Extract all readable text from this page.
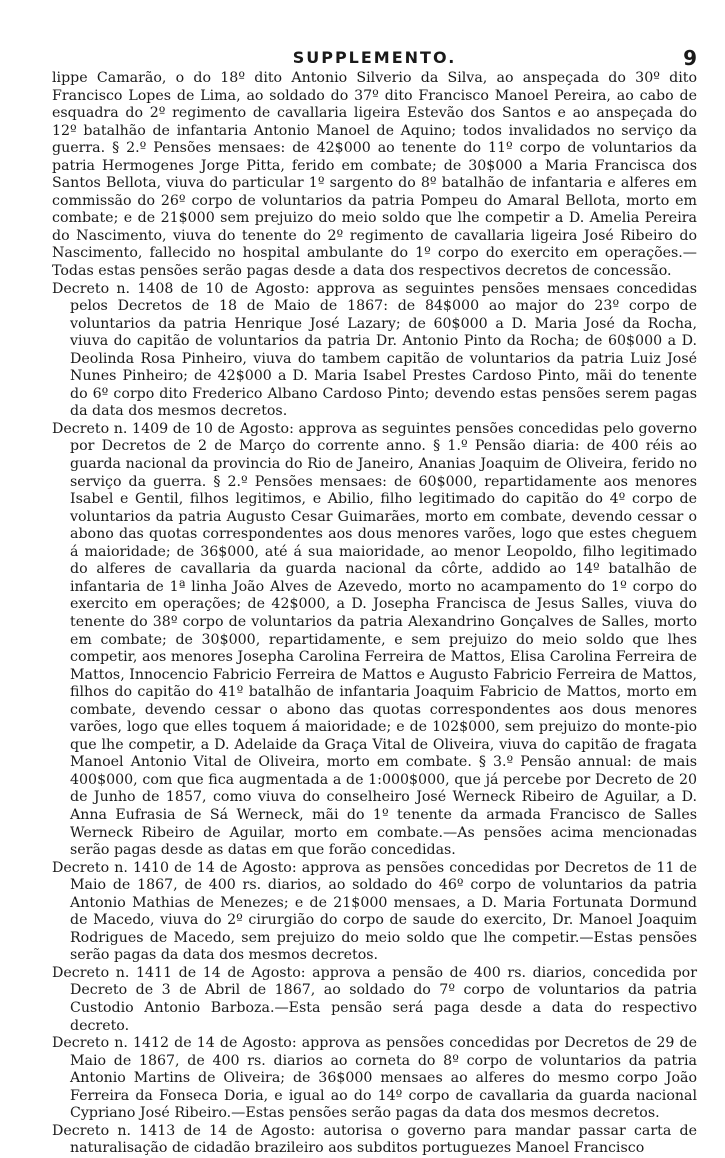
SUPPLEMENTO.	9

lippe Camarão, o do 18º dito Antonio Silverio da Silva, ao anspeçada do 30º dito Francisco Lopes de Lima, ao soldado do 37º dito Francisco Manoel Pereira, ao cabo de esquadra do 2º regimento de cavallaria ligeira Estevão dos Santos e ao anspeçada do 12º batalhão de infantaria Antonio Manoel de Aquino; todos invalidados no serviço da guerra. § 2.º Pensões mensaes: de 42$000 ao tenente do 11º corpo de voluntarios da patria Hermogenes Jorge Pitta, ferido em combate; de 30$000 a Maria Francisca dos Santos Bellota, viuva do particular 1º sargento do 8º batalhão de infantaria e alferes em commissão do 26º corpo de voluntarios da patria Pompeu do Amaral Bellota, morto em combate; e de 21$000 sem prejuizo do meio soldo que lhe competir a D. Amelia Pereira do Nascimento, viuva do tenente do 2º regimento de cavallaria ligeira José Ribeiro do Nascimento, fallecido no hospital ambulante do 1º corpo do exercito em operações.—Todas estas pensões serão pagas desde a data dos respectivos decretos de concessão.

Decreto n. 1408 de 10 de Agosto: approva as seguintes pensões mensaes concedidas pelos Decretos de 18 de Maio de 1867: de 84$000 ao major do 23º corpo de voluntarios da patria Henrique José Lazary; de 60$000 a D. Maria José da Rocha, viuva do capitão de voluntarios da patria Dr. Antonio Pinto da Rocha; de 60$000 a D. Deolinda Rosa Pinheiro, viuva do tambem capitão de voluntarios da patria Luiz José Nunes Pinheiro; de 42$000 a D. Maria Isabel Prestes Cardoso Pinto, mãi do tenente do 6º corpo dito Frederico Albano Cardoso Pinto; devendo estas pensões serem pagas da data dos mesmos decretos.

Decreto n. 1409 de 10 de Agosto: approva as seguintes pensões concedidas pelo governo por Decretos de 2 de Março do corrente anno. § 1.º Pensão diaria: de 400 réis ao guarda nacional da provincia do Rio de Janeiro, Ananias Joaquim de Oliveira, ferido no serviço da guerra. § 2.º Pensões mensaes: de 60$000, repartidamente aos menores Isabel e Gentil, filhos legitimos, e Abilio, filho legitimado do capitão do 4º corpo de voluntarios da patria Augusto Cesar Guimarães, morto em combate, devendo cessar o abono das quotas correspondentes aos dous menores varões, logo que estes cheguem á maioridade; de 36$000, até á sua maioridade, ao menor Leopoldo, filho legitimado do alferes de cavallaria da guarda nacional da côrte, addido ao 14º batalhão de infantaria de 1ª linha João Alves de Azevedo, morto no acampamento do 1º corpo do exercito em operações; de 42$000, a D. Josepha Francisca de Jesus Salles, viuva do tenente do 38º corpo de voluntarios da patria Alexandrino Gonçalves de Salles, morto em combate; de 30$000, repartidamente, e sem prejuizo do meio soldo que lhes competir, aos menores Josepha Carolina Ferreira de Mattos, Elisa Carolina Ferreira de Mattos, Innocencio Fabricio Ferreira de Mattos e Augusto Fabricio Ferreira de Mattos, filhos do capitão do 41º batalhão de infantaria Joaquim Fabricio de Mattos, morto em combate, devendo cessar o abono das quotas correspondentes aos dous menores varões, logo que elles toquem á maioridade; e de 102$000, sem prejuizo do monte-pio que lhe competir, a D. Adelaide da Graça Vital de Oliveira, viuva do capitão de fragata Manoel Antonio Vital de Oliveira, morto em combate. § 3.º Pensão annual: de mais 400$000, com que fica augmentada a de 1:000$000, que já percebe por Decreto de 20 de Junho de 1857, como viuva do conselheiro José Werneck Ribeiro de Aguilar, a D. Anna Eufrasia de Sá Werneck, mãi do 1º tenente da armada Francisco de Salles Werneck Ribeiro de Aguilar, morto em combate.—As pensões acima mencionadas serão pagas desde as datas em que forão concedidas.

Decreto n. 1410 de 14 de Agosto: approva as pensões concedidas por Decretos de 11 de Maio de 1867, de 400 rs. diarios, ao soldado do 46º corpo de voluntarios da patria Antonio Mathias de Menezes; e de 21$000 mensaes, a D. Maria Fortunata Dormund de Macedo, viuva do 2º cirurgião do corpo de saude do exercito, Dr. Manoel Joaquim Rodrigues de Macedo, sem prejuizo do meio soldo que lhe competir.—Estas pensões serão pagas da data dos mesmos decretos.

Decreto n. 1411 de 14 de Agosto: approva a pensão de 400 rs. diarios, concedida por Decreto de 3 de Abril de 1867, ao soldado do 7º corpo de voluntarios da patria Custodio Antonio Barboza.—Esta pensão será paga desde a data do respectivo decreto.

Decreto n. 1412 de 14 de Agosto: approva as pensões concedidas por Decretos de 29 de Maio de 1867, de 400 rs. diarios ao corneta do 8º corpo de voluntarios da patria Antonio Martins de Oliveira; de 36$000 mensaes ao alferes do mesmo corpo João Ferreira da Fonseca Doria, e igual ao do 14º corpo de cavallaria da guarda nacional Cypriano José Ribeiro.—Estas pensões serão pagas da data dos mesmos decretos.

Decreto n. 1413 de 14 de Agosto: autorisa o governo para mandar passar carta de naturalisação de cidadão brazileiro aos subditos portuguezes Manoel Francisco
